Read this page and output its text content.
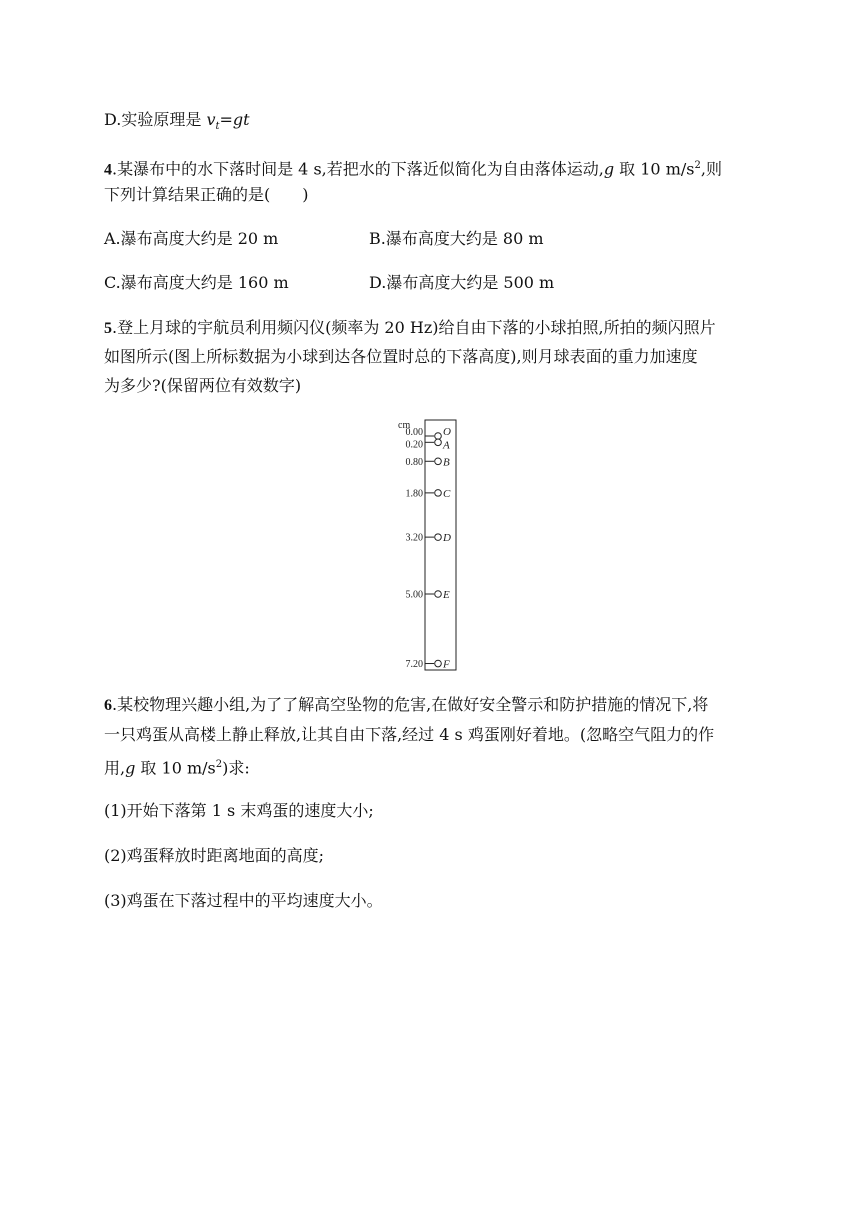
D.实验原理是 $v_t=gt$
4.某瀑布中的水下落时间是 4 s,若把水的下落近似简化为自由落体运动,g 取 10 $m/s^2$,则
下列计算结果正确的是(　　)
A.瀑布高度大约是 20 m	B.瀑布高度大约是 80 m
C.瀑布高度大约是 160 m	D.瀑布高度大约是 500 m
5.登上月球的宇航员利用频闪仪(频率为 20 Hz)给自由下落的小球拍照,所拍的频闪照片
如图所示(图上所标数据为小球到达各位置时总的下落高度),则月球表面的重力加速度
为多少?(保留两位有效数字)
cm
0.00 O
0.20 A
0.80 B
1.80 C
3.20 D
5.00 E
7.20 F
6.某校物理兴趣小组,为了了解高空坠物的危害,在做好安全警示和防护措施的情况下,将
一只鸡蛋从高楼上静止释放,让其自由下落,经过 4 s 鸡蛋刚好着地。(忽略空气阻力的作
用,g 取 10 $m/s^2$)求:
(1)开始下落第 1 s 末鸡蛋的速度大小;
(2)鸡蛋释放时距离地面的高度;
(3)鸡蛋在下落过程中的平均速度大小。
